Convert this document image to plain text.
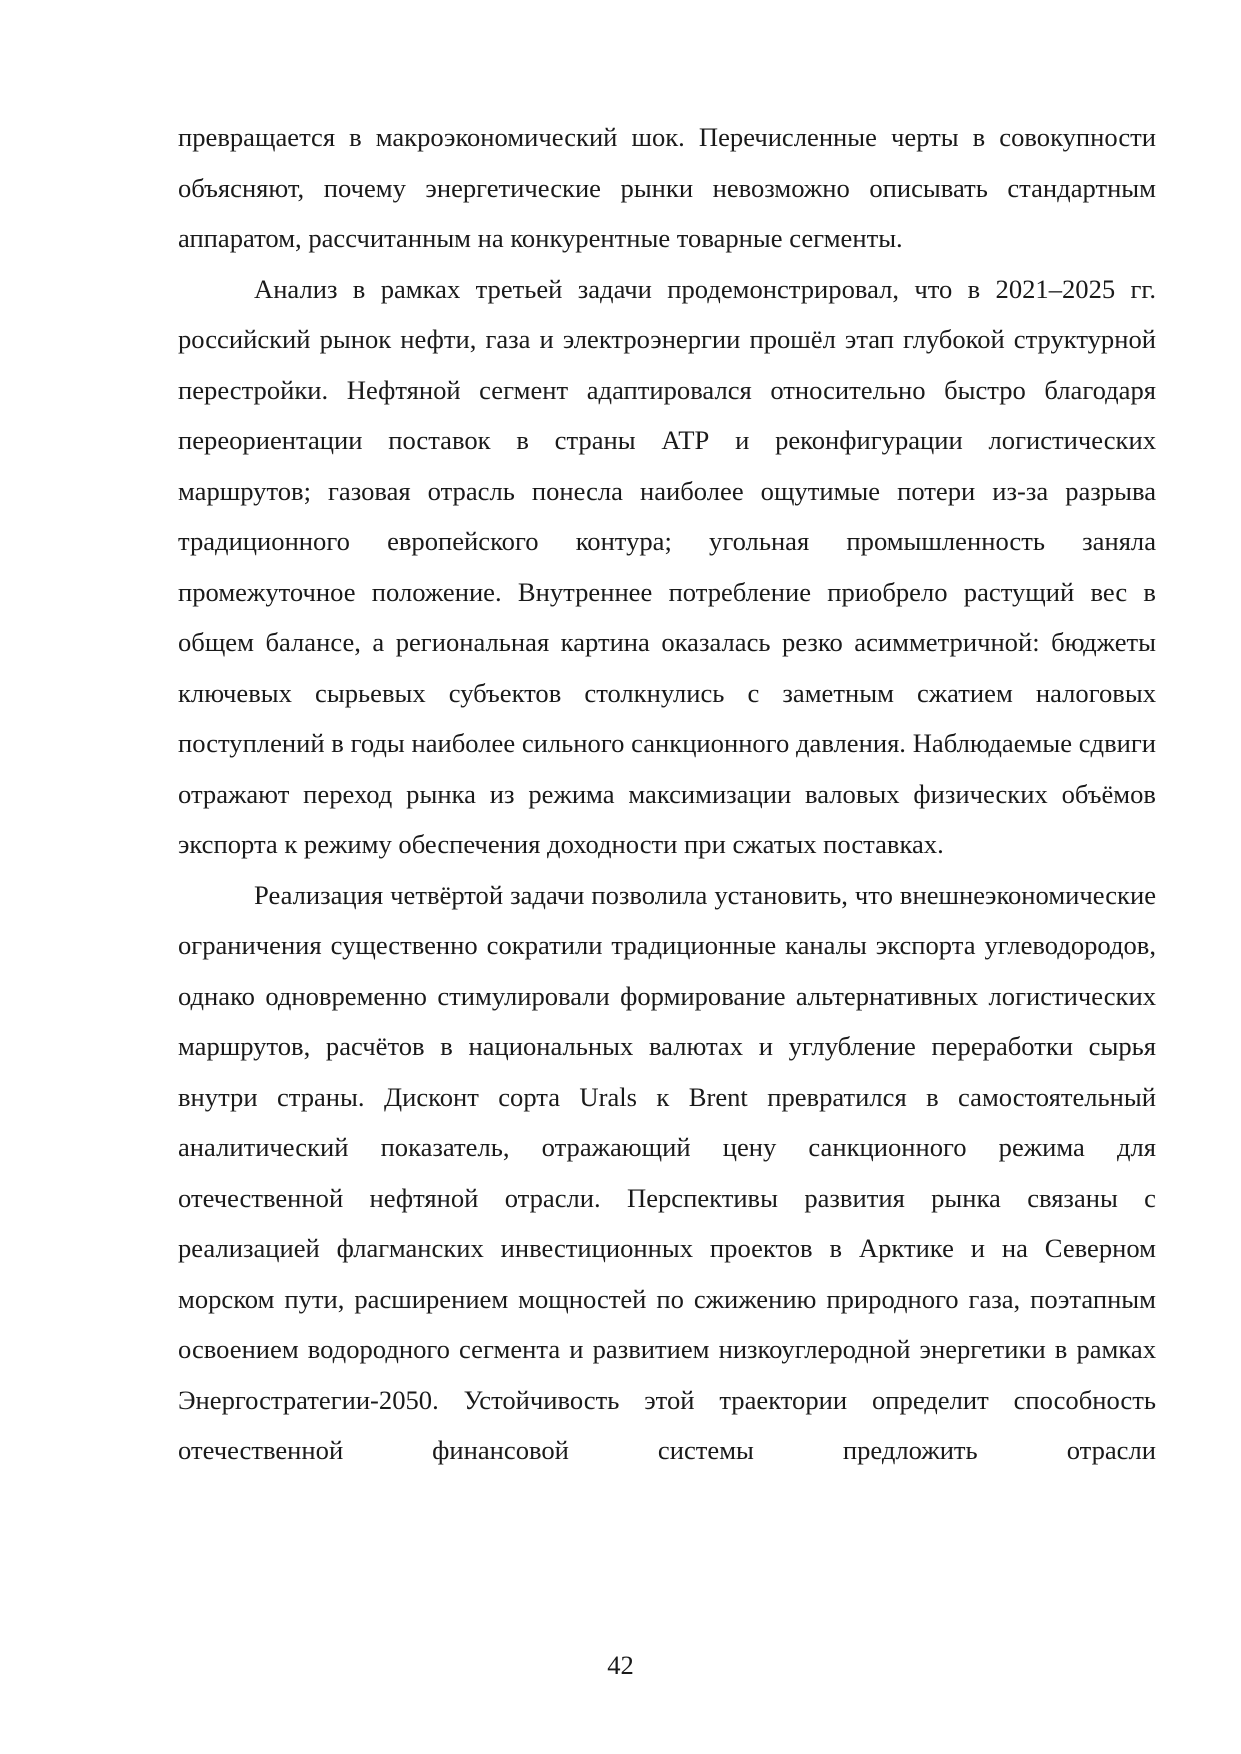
превращается в макроэкономический шок. Перечисленные черты в совокупности объясняют, почему энергетические рынки невозможно описывать стандартным аппаратом, рассчитанным на конкурентные товарные сегменты.

Анализ в рамках третьей задачи продемонстрировал, что в 2021–2025 гг. российский рынок нефти, газа и электроэнергии прошёл этап глубокой структурной перестройки. Нефтяной сегмент адаптировался относительно быстро благодаря переориентации поставок в страны АТР и реконфигурации логистических маршрутов; газовая отрасль понесла наиболее ощутимые потери из-за разрыва традиционного европейского контура; угольная промышленность заняла промежуточное положение. Внутреннее потребление приобрело растущий вес в общем балансе, а региональная картина оказалась резко асимметричной: бюджеты ключевых сырьевых субъектов столкнулись с заметным сжатием налоговых поступлений в годы наиболее сильного санкционного давления. Наблюдаемые сдвиги отражают переход рынка из режима максимизации валовых физических объёмов экспорта к режиму обеспечения доходности при сжатых поставках.

Реализация четвёртой задачи позволила установить, что внешнеэкономические ограничения существенно сократили традиционные каналы экспорта углеводородов, однако одновременно стимулировали формирование альтернативных логистических маршрутов, расчётов в национальных валютах и углубление переработки сырья внутри страны. Дисконт сорта Urals к Brent превратился в самостоятельный аналитический показатель, отражающий цену санкционного режима для отечественной нефтяной отрасли. Перспективы развития рынка связаны с реализацией флагманских инвестиционных проектов в Арктике и на Северном морском пути, расширением мощностей по сжижению природного газа, поэтапным освоением водородного сегмента и развитием низкоуглеродной энергетики в рамках Энергостратегии-2050. Устойчивость этой траектории определит способность отечественной финансовой системы предложить отрасли

42
